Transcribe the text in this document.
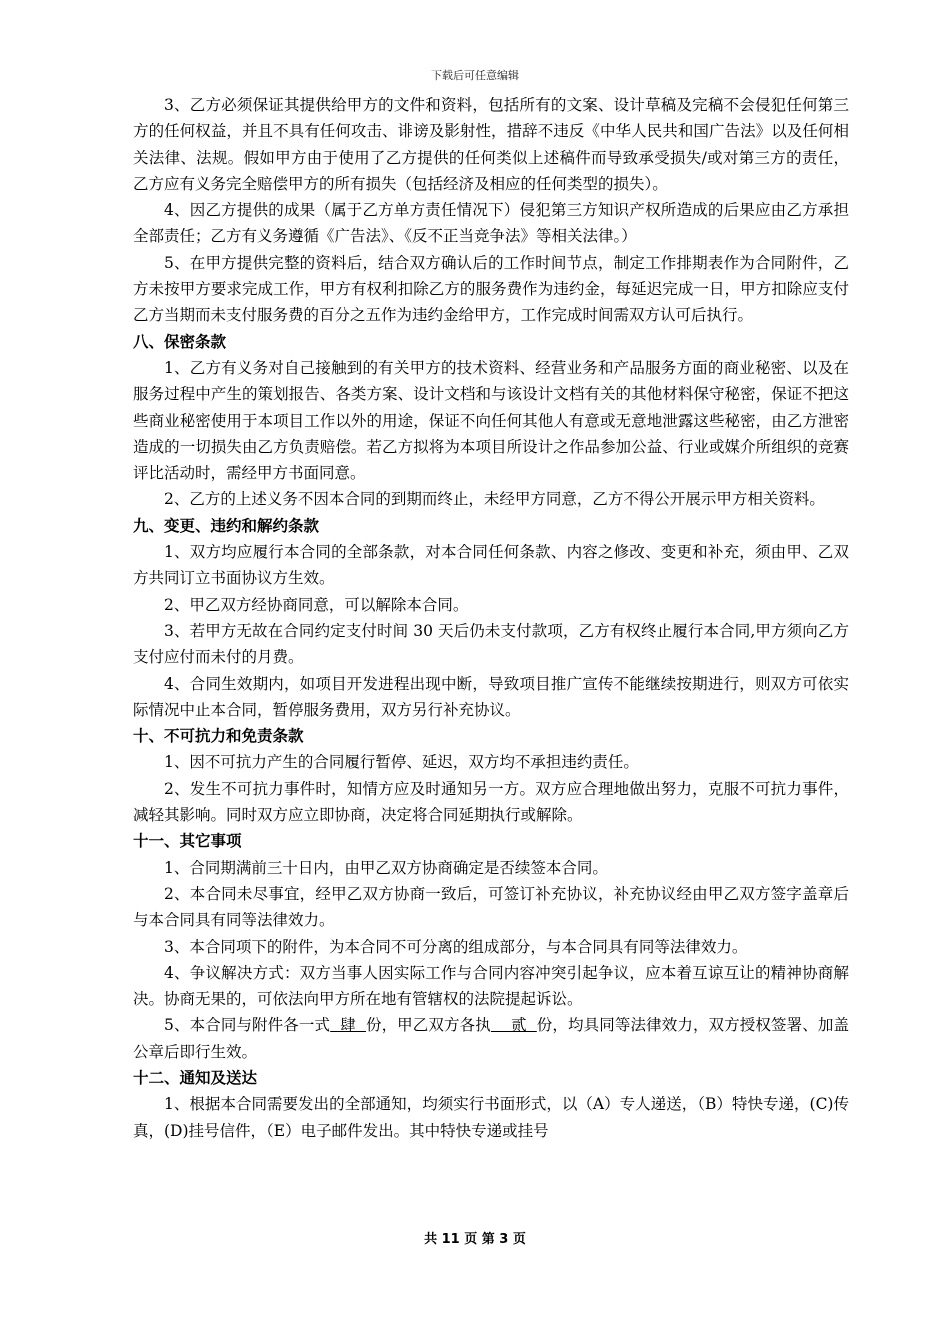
下载后可任意编辑

3、乙方必须保证其提供给甲方的文件和资料，包括所有的文案、设计草稿及完稿不会侵犯任何第三方的任何权益，并且不具有任何攻击、诽谤及影射性，措辞不违反《中华人民共和国广告法》以及任何相关法律、法规。假如甲方由于使用了乙方提供的任何类似上述稿件而导致承受损失/或对第三方的责任，乙方应有义务完全赔偿甲方的所有损失（包括经济及相应的任何类型的损失）。

4、因乙方提供的成果（属于乙方单方责任情况下）侵犯第三方知识产权所造成的后果应由乙方承担全部责任；乙方有义务遵循《广告法》、《反不正当竞争法》等相关法律。）

5、在甲方提供完整的资料后，结合双方确认后的工作时间节点，制定工作排期表作为合同附件，乙方未按甲方要求完成工作，甲方有权利扣除乙方的服务费作为违约金，每延迟完成一日，甲方扣除应支付乙方当期而未支付服务费的百分之五作为违约金给甲方，工作完成时间需双方认可后执行。

八、保密条款

1、乙方有义务对自己接触到的有关甲方的技术资料、经营业务和产品服务方面的商业秘密、以及在服务过程中产生的策划报告、各类方案、设计文档和与该设计文档有关的其他材料保守秘密，保证不把这些商业秘密使用于本项目工作以外的用途，保证不向任何其他人有意或无意地泄露这些秘密，由乙方泄密造成的一切损失由乙方负责赔偿。若乙方拟将为本项目所设计之作品参加公益、行业或媒介所组织的竞赛评比活动时，需经甲方书面同意。

2、乙方的上述义务不因本合同的到期而终止，未经甲方同意，乙方不得公开展示甲方相关资料。

九、变更、违约和解约条款

1、双方均应履行本合同的全部条款，对本合同任何条款、内容之修改、变更和补充，须由甲、乙双方共同订立书面协议方生效。

2、甲乙双方经协商同意，可以解除本合同。

3、若甲方无故在合同约定支付时间 30 天后仍未支付款项，乙方有权终止履行本合同,甲方须向乙方支付应付而未付的月费。

4、合同生效期内，如项目开发进程出现中断，导致项目推广宣传不能继续按期进行，则双方可依实际情况中止本合同，暂停服务费用，双方另行补充协议。

十、不可抗力和免责条款

1、因不可抗力产生的合同履行暂停、延迟，双方均不承担违约责任。

2、发生不可抗力事件时，知情方应及时通知另一方。双方应合理地做出努力，克服不可抗力事件，减轻其影响。同时双方应立即协商，决定将合同延期执行或解除。

十一、其它事项

1、合同期满前三十日内，由甲乙双方协商确定是否续签本合同。

2、本合同未尽事宜，经甲乙双方协商一致后，可签订补充协议，补充协议经由甲乙双方签字盖章后与本合同具有同等法律效力。

3、本合同项下的附件，为本合同不可分离的组成部分，与本合同具有同等法律效力。

4、争议解决方式：双方当事人因实际工作与合同内容冲突引起争议，应本着互谅互让的精神协商解决。协商无果的，可依法向甲方所在地有管辖权的法院提起诉讼。

5、本合同与附件各一式  肆  份，甲乙双方各执    贰  份，均具同等法律效力，双方授权签署、加盖公章后即行生效。

十二、通知及送达

1、根据本合同需要发出的全部通知，均须实行书面形式，以（A）专人递送，（B）特快专递，(C)传真，(D)挂号信件，（E）电子邮件发出。其中特快专递或挂号

共 11 页 第 3 页
